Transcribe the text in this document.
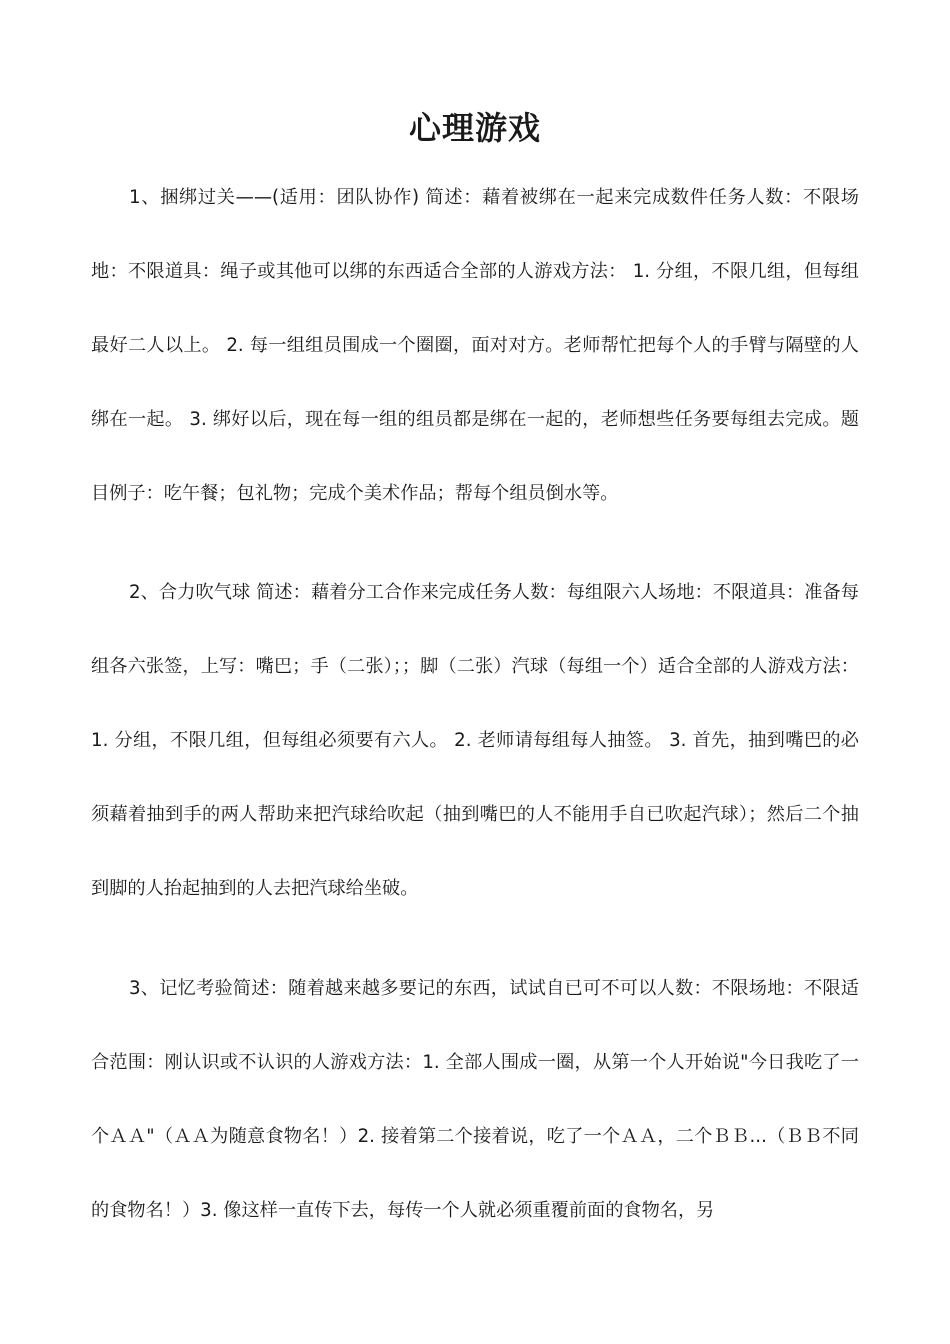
心理游戏

1、捆绑过关——(适用：团队协作) 简述：藉着被绑在一起来完成数件任务人数：不限场地：不限道具：绳子或其他可以绑的东西适合全部的人游戏方法： 1. 分组，不限几组，但每组最好二人以上。 2. 每一组组员围成一个圈圈，面对对方。老师帮忙把每个人的手臂与隔壁的人绑在一起。 3. 绑好以后，现在每一组的组员都是绑在一起的，老师想些任务要每组去完成。题目例子：吃午餐；包礼物；完成个美术作品；帮每个组员倒水等。

2、合力吹气球 简述：藉着分工合作来完成任务人数：每组限六人场地：不限道具：准备每组各六张签，上写：嘴巴；手（二张）；；脚（二张）汽球（每组一个）适合全部的人游戏方法： 1. 分组，不限几组，但每组必须要有六人。 2. 老师请每组每人抽签。 3. 首先，抽到嘴巴的必须藉着抽到手的两人帮助来把汽球给吹起（抽到嘴巴的人不能用手自已吹起汽球）；然后二个抽到脚的人抬起抽到的人去把汽球给坐破。

3、记忆考验简述：随着越来越多要记的东西，试试自已可不可以人数：不限场地：不限适合范围：刚认识或不认识的人游戏方法：1. 全部人围成一圈，从第一个人开始说"今日我吃了一个ＡＡ"（ＡＡ为随意食物名！）2. 接着第二个接着说，吃了一个ＡＡ，二个ＢＢ...（ＢＢ不同的食物名！）3. 像这样一直传下去，每传一个人就必须重覆前面的食物名，另
